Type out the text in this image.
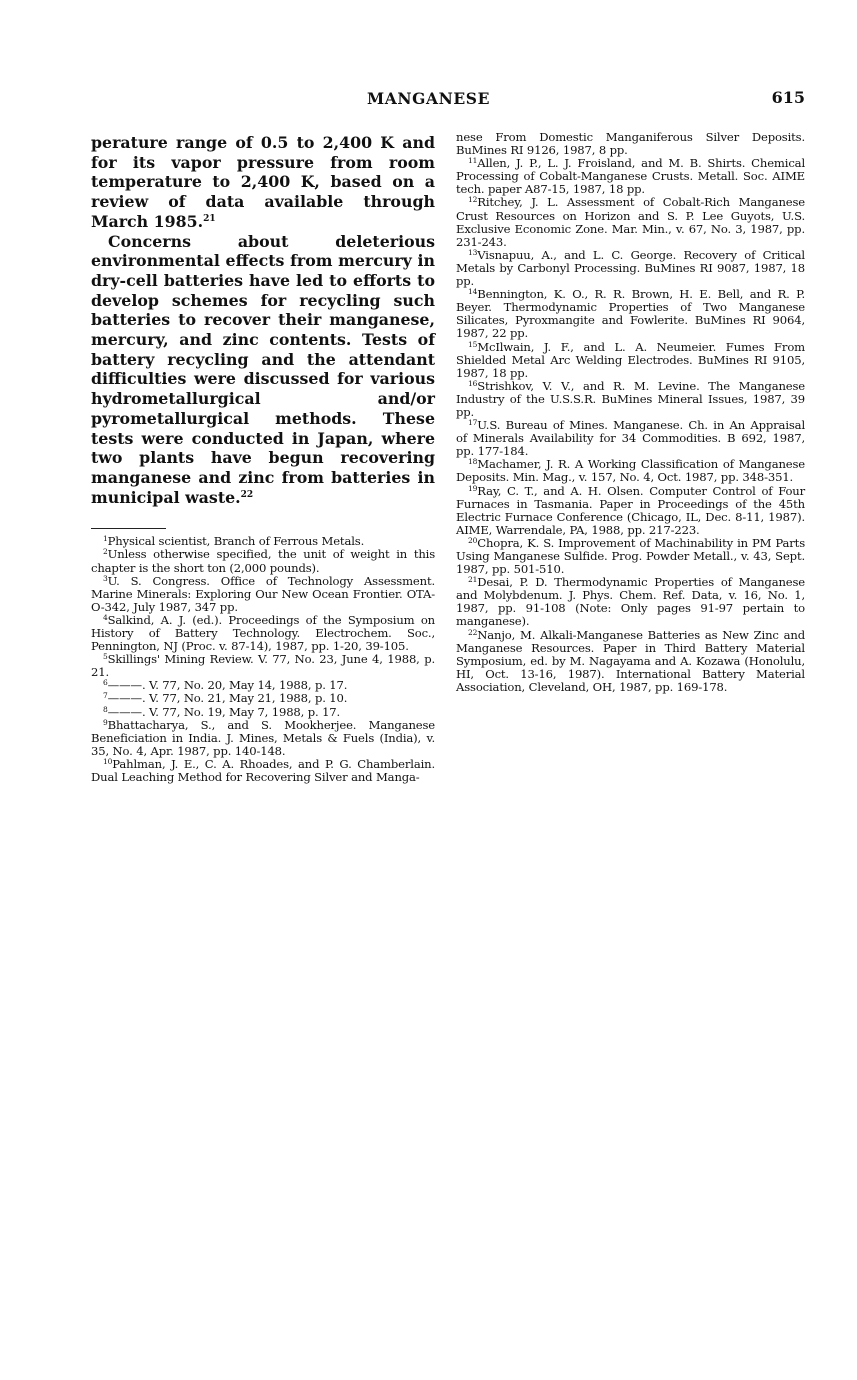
MANGANESE	615

perature range of 0.5 to 2,400 K and for its vapor pressure from room temperature to 2,400 K, based on a review of data available through March 1985.21

Concerns about deleterious environmental effects from mercury in dry-cell batteries have led to efforts to develop schemes for recycling such batteries to recover their manganese, mercury, and zinc contents. Tests of battery recycling and the attendant difficulties were discussed for various hydrometallurgical and/or pyrometallurgical methods. These tests were conducted in Japan, where two plants have begun recovering manganese and zinc from batteries in municipal waste.$^{22}$

$^1$Physical scientist, Branch of Ferrous Metals.

$^2$Unless otherwise specified, the unit of weight in this chapter is the short ton (2,000 pounds).

$^3$U. S. Congress. Office of Technology Assessment. Marine Minerals: Exploring Our New Ocean Frontier. OTA-O-342, July 1987, 347 pp.

$^4$Salkind, A. J. (ed.). Proceedings of the Symposium on History of Battery Technology. Electrochem. Soc., Pennington, NJ (Proc. v. 87-14), 1987, pp. 1-20, 39-105.

$^5$Skillings' Mining Review. V. 77, No. 23, June 4, 1988, p. 21.

$^6$———. V. 77, No. 20, May 14, 1988, p. 17.

$^7$———. V. 77, No. 21, May 21, 1988, p. 10.

$^8$———. V. 77, No. 19, May 7, 1988, p. 17.

$^9$Bhattacharya, S., and S. Mookherjee. Manganese Beneficiation in India. J. Mines, Metals & Fuels (India), v. 35, No. 4, Apr. 1987, pp. 140-148.

$^{10}$Pahlman, J. E., C. A. Rhoades, and P. G. Chamberlain. Dual Leaching Method for Recovering Silver and Manga-

nese From Domestic Manganiferous Silver Deposits. BuMines RI 9126, 1987, 8 pp.

$^{11}$Allen, J. P., L. J. Froisland, and M. B. Shirts. Chemical Processing of Cobalt-Manganese Crusts. Metall. Soc. AIME tech. paper A87-15, 1987, 18 pp.

$^{12}$Ritchey, J. L. Assessment of Cobalt-Rich Manganese Crust Resources on Horizon and S. P. Lee Guyots, U.S. Exclusive Economic Zone. Mar. Min., v. 67, No. 3, 1987, pp. 231-243.

$^{13}$Visnapuu, A., and L. C. George. Recovery of Critical Metals by Carbonyl Processing. BuMines RI 9087, 1987, 18 pp.

$^{14}$Bennington, K. O., R. R. Brown, H. E. Bell, and R. P. Beyer. Thermodynamic Properties of Two Manganese Silicates, Pyroxmangite and Fowlerite. BuMines RI 9064, 1987, 22 pp.

$^{15}$McIlwain, J. F., and L. A. Neumeier. Fumes From Shielded Metal Arc Welding Electrodes. BuMines RI 9105, 1987, 18 pp.

$^{16}$Strishkov, V. V., and R. M. Levine. The Manganese Industry of the U.S.S.R. BuMines Mineral Issues, 1987, 39 pp.

$^{17}$U.S. Bureau of Mines. Manganese. Ch. in An Appraisal of Minerals Availability for 34 Commodities. B 692, 1987, pp. 177-184.

$^{18}$Machamer, J. R. A Working Classification of Manganese Deposits. Min. Mag., v. 157, No. 4, Oct. 1987, pp. 348-351.

$^{19}$Ray, C. T., and A. H. Olsen. Computer Control of Four Furnaces in Tasmania. Paper in Proceedings of the 45th Electric Furnace Conference (Chicago, IL, Dec. 8-11, 1987). AIME, Warrendale, PA, 1988, pp. 217-223.

$^{20}$Chopra, K. S. Improvement of Machinability in PM Parts Using Manganese Sulfide. Prog. Powder Metall., v. 43, Sept. 1987, pp. 501-510.

$^{21}$Desai, P. D. Thermodynamic Properties of Manganese and Molybdenum. J. Phys. Chem. Ref. Data, v. 16, No. 1, 1987, pp. 91-108 (Note: Only pages 91-97 pertain to manganese).

$^{22}$Nanjo, M. Alkali-Manganese Batteries as New Zinc and Manganese Resources. Paper in Third Battery Material Symposium, ed. by M. Nagayama and A. Kozawa (Honolulu, HI, Oct. 13-16, 1987). International Battery Material Association, Cleveland, OH, 1987, pp. 169-178.
